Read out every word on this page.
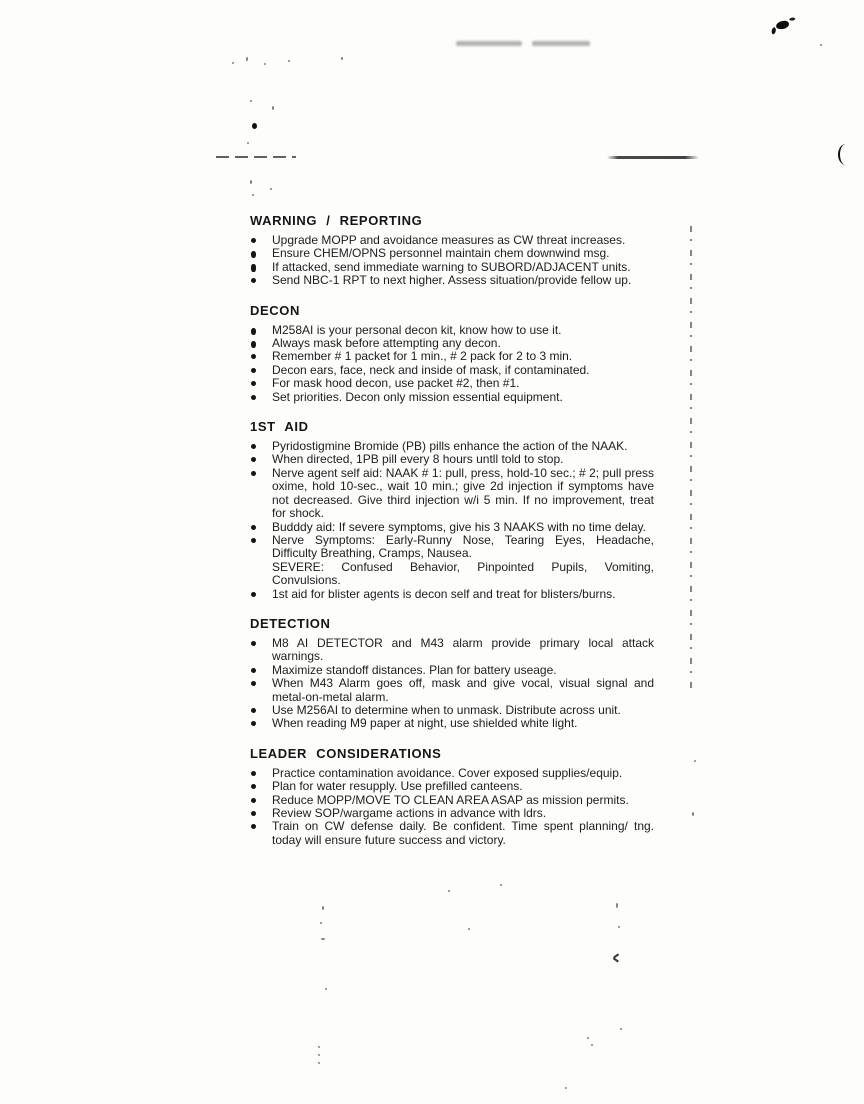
WARNING / REPORTING
Upgrade MOPP and avoidance measures as CW threat increases.
Ensure CHEM/OPNS personnel maintain chem downwind msg.
If attacked, send immediate warning to SUBORD/ADJACENT units.
Send NBC-1 RPT to next higher. Assess situation/provide fellow up.
DECON
M258AI is your personal decon kit, know how to use it.
Always mask before attempting any decon.
Remember # 1 packet for 1 min., # 2 pack for 2 to 3 min.
Decon ears, face, neck and inside of mask, if contaminated.
For mask hood decon, use packet #2, then #1.
Set priorities. Decon only mission essential equipment.
1ST AID
Pyridostigmine Bromide (PB) pills enhance the action of the NAAK.
When directed, 1PB pill every 8 hours untll told to stop.
Nerve agent self aid: NAAK # 1: pull, press, hold-10 sec.; # 2; pull press oxime, hold 10-sec., wait 10 min.; give 2d injection if symptoms have not decreased. Give third injection w/i 5 min. If no improvement, treat for shock.
Budddy aid: If severe symptoms, give his 3 NAAKS with no time delay.
Nerve Symptoms: Early-Runny Nose, Tearing Eyes, Headache, Difficulty Breathing, Cramps, Nausea.
SEVERE: Confused Behavior, Pinpointed Pupils, Vomiting, Convulsions.
1st aid for blister agents is decon self and treat for blisters/burns.
DETECTION
M8 AI DETECTOR and M43 alarm provide primary local attack warnings.
Maximize standoff distances. Plan for battery useage.
When M43 Alarm goes off, mask and give vocal, visual signal and metal-on-metal alarm.
Use M256AI to determine when to unmask. Distribute across unit.
When reading M9 paper at night, use shielded white light.
LEADER CONSIDERATIONS
Practice contamination avoidance. Cover exposed supplies/equip.
Plan for water resupply. Use prefilled canteens.
Reduce MOPP/MOVE TO CLEAN AREA ASAP as mission permits.
Review SOP/wargame actions in advance with ldrs.
Train on CW defense daily. Be confident. Time spent planning/ tng. today will ensure future success and victory.
